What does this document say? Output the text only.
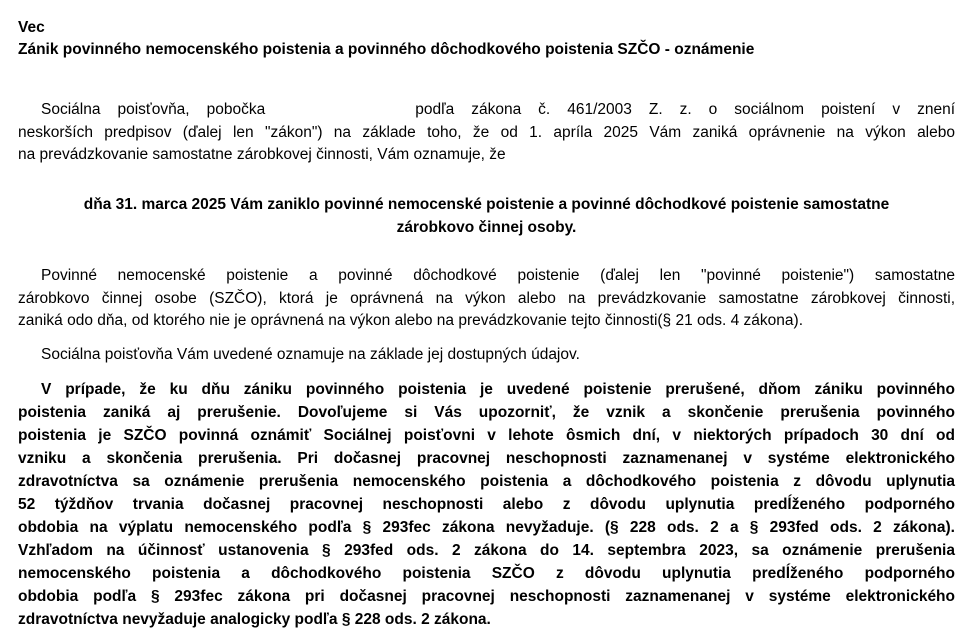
Vec
Zánik povinného nemocenského poistenia a povinného dôchodkového poistenia SZČO - oznámenie
Sociálna poisťovňa, pobočka	podľa zákona č. 461/2003 Z. z. o sociálnom poistení v znení
neskorších predpisov (ďalej len "zákon") na základe toho, že od 1. apríla 2025 Vám zaniká oprávnenie na výkon alebo
na prevádzkovanie samostatne zárobkovej činnosti, Vám oznamuje, že
dňa 31. marca 2025 Vám zaniklo povinné nemocenské poistenie a povinné dôchodkové poistenie samostatne
zárobkovo činnej osoby.
Povinné nemocenské poistenie a povinné dôchodkové poistenie (ďalej len "povinné poistenie") samostatne
zárobkovo činnej osobe (SZČO), ktorá je oprávnená na výkon alebo na prevádzkovanie samostatne zárobkovej činnosti,
zaniká odo dňa, od ktorého nie je oprávnená na výkon alebo na prevádzkovanie tejto činnosti(§ 21 ods. 4 zákona).
Sociálna poisťovňa Vám uvedené oznamuje na základe jej dostupných údajov.
V prípade, že ku dňu zániku povinného poistenia je uvedené poistenie prerušené, dňom zániku povinného
poistenia zaniká aj prerušenie. Dovoľujeme si Vás upozorniť, že vznik a skončenie prerušenia povinného
poistenia je SZČO povinná oznámiť Sociálnej poisťovni v lehote ôsmich dní, v niektorých prípadoch 30 dní od
vzniku a skončenia prerušenia. Pri dočasnej pracovnej neschopnosti zaznamenanej v systéme elektronického
zdravotníctva sa oznámenie prerušenia nemocenského poistenia a dôchodkového poistenia z dôvodu uplynutia
52 týždňov trvania dočasnej pracovnej neschopnosti alebo z dôvodu uplynutia predĺženého podporného
obdobia na výplatu nemocenského podľa § 293fec zákona nevyžaduje. (§ 228 ods. 2 a § 293fed ods. 2 zákona).
Vzhľadom na účinnosť ustanovenia § 293fed ods. 2 zákona do 14. septembra 2023, sa oznámenie prerušenia
nemocenského poistenia a dôchodkového poistenia SZČO z dôvodu uplynutia predĺženého podporného
obdobia podľa § 293fec zákona pri dočasnej pracovnej neschopnosti zaznamenanej v systéme elektronického
zdravotníctva nevyžaduje analogicky podľa § 228 ods. 2 zákona.
